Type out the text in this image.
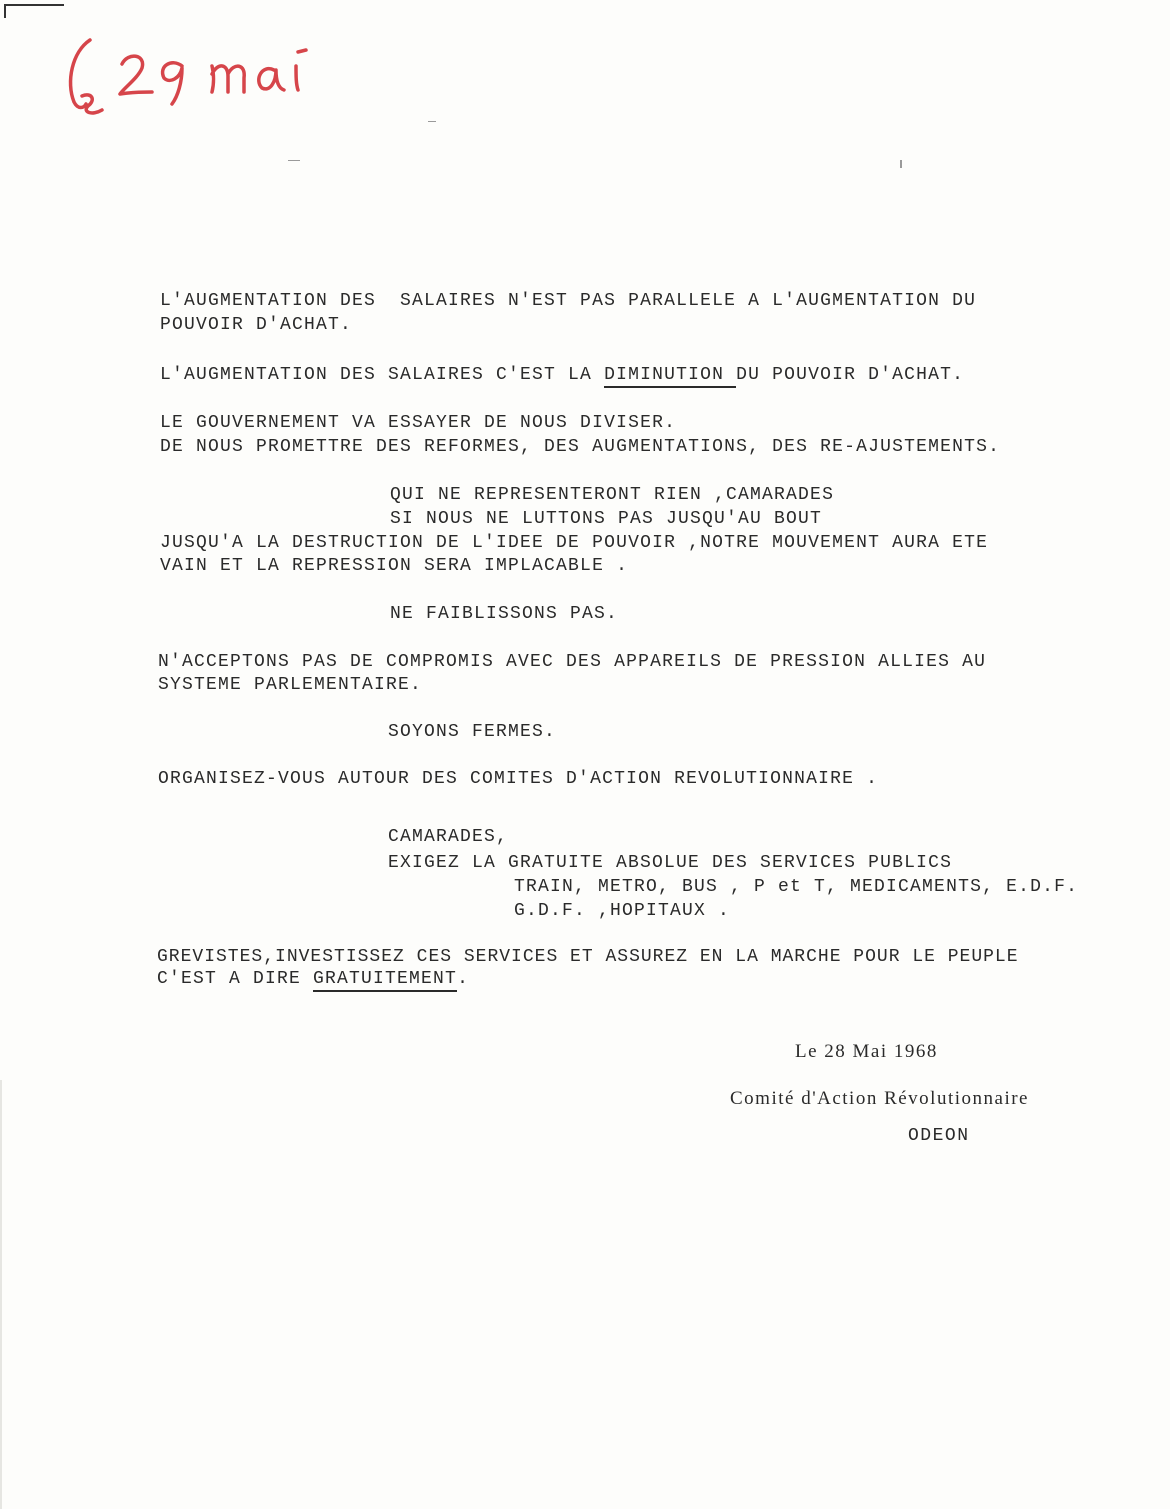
L'AUGMENTATION DES  SALAIRES N'EST PAS PARALLELE A L'AUGMENTATION DU
POUVOIR D'ACHAT.
L'AUGMENTATION DES SALAIRES C'EST LA DIMINUTION DU POUVOIR D'ACHAT.
LE GOUVERNEMENT VA ESSAYER DE NOUS DIVISER.
DE NOUS PROMETTRE DES REFORMES, DES AUGMENTATIONS, DES RE-AJUSTEMENTS.
QUI NE REPRESENTERONT RIEN ,CAMARADES
SI NOUS NE LUTTONS PAS JUSQU'AU BOUT
JUSQU'A LA DESTRUCTION DE L'IDEE DE POUVOIR ,NOTRE MOUVEMENT AURA ETE
VAIN ET LA REPRESSION SERA IMPLACABLE .
NE FAIBLISSONS PAS.
N'ACCEPTONS PAS DE COMPROMIS AVEC DES APPAREILS DE PRESSION ALLIES AU
SYSTEME PARLEMENTAIRE.
SOYONS FERMES.
ORGANISEZ-VOUS AUTOUR DES COMITES D'ACTION REVOLUTIONNAIRE .
CAMARADES,
EXIGEZ LA GRATUITE ABSOLUE DES SERVICES PUBLICS
TRAIN, METRO, BUS , P et T, MEDICAMENTS, E.D.F.
G.D.F. ,HOPITAUX .
GREVISTES,INVESTISSEZ CES SERVICES ET ASSUREZ EN LA MARCHE POUR LE PEUPLE
C'EST A DIRE GRATUITEMENT.
Le 28 Mai 1968
Comité d'Action Révolutionnaire
ODEON
